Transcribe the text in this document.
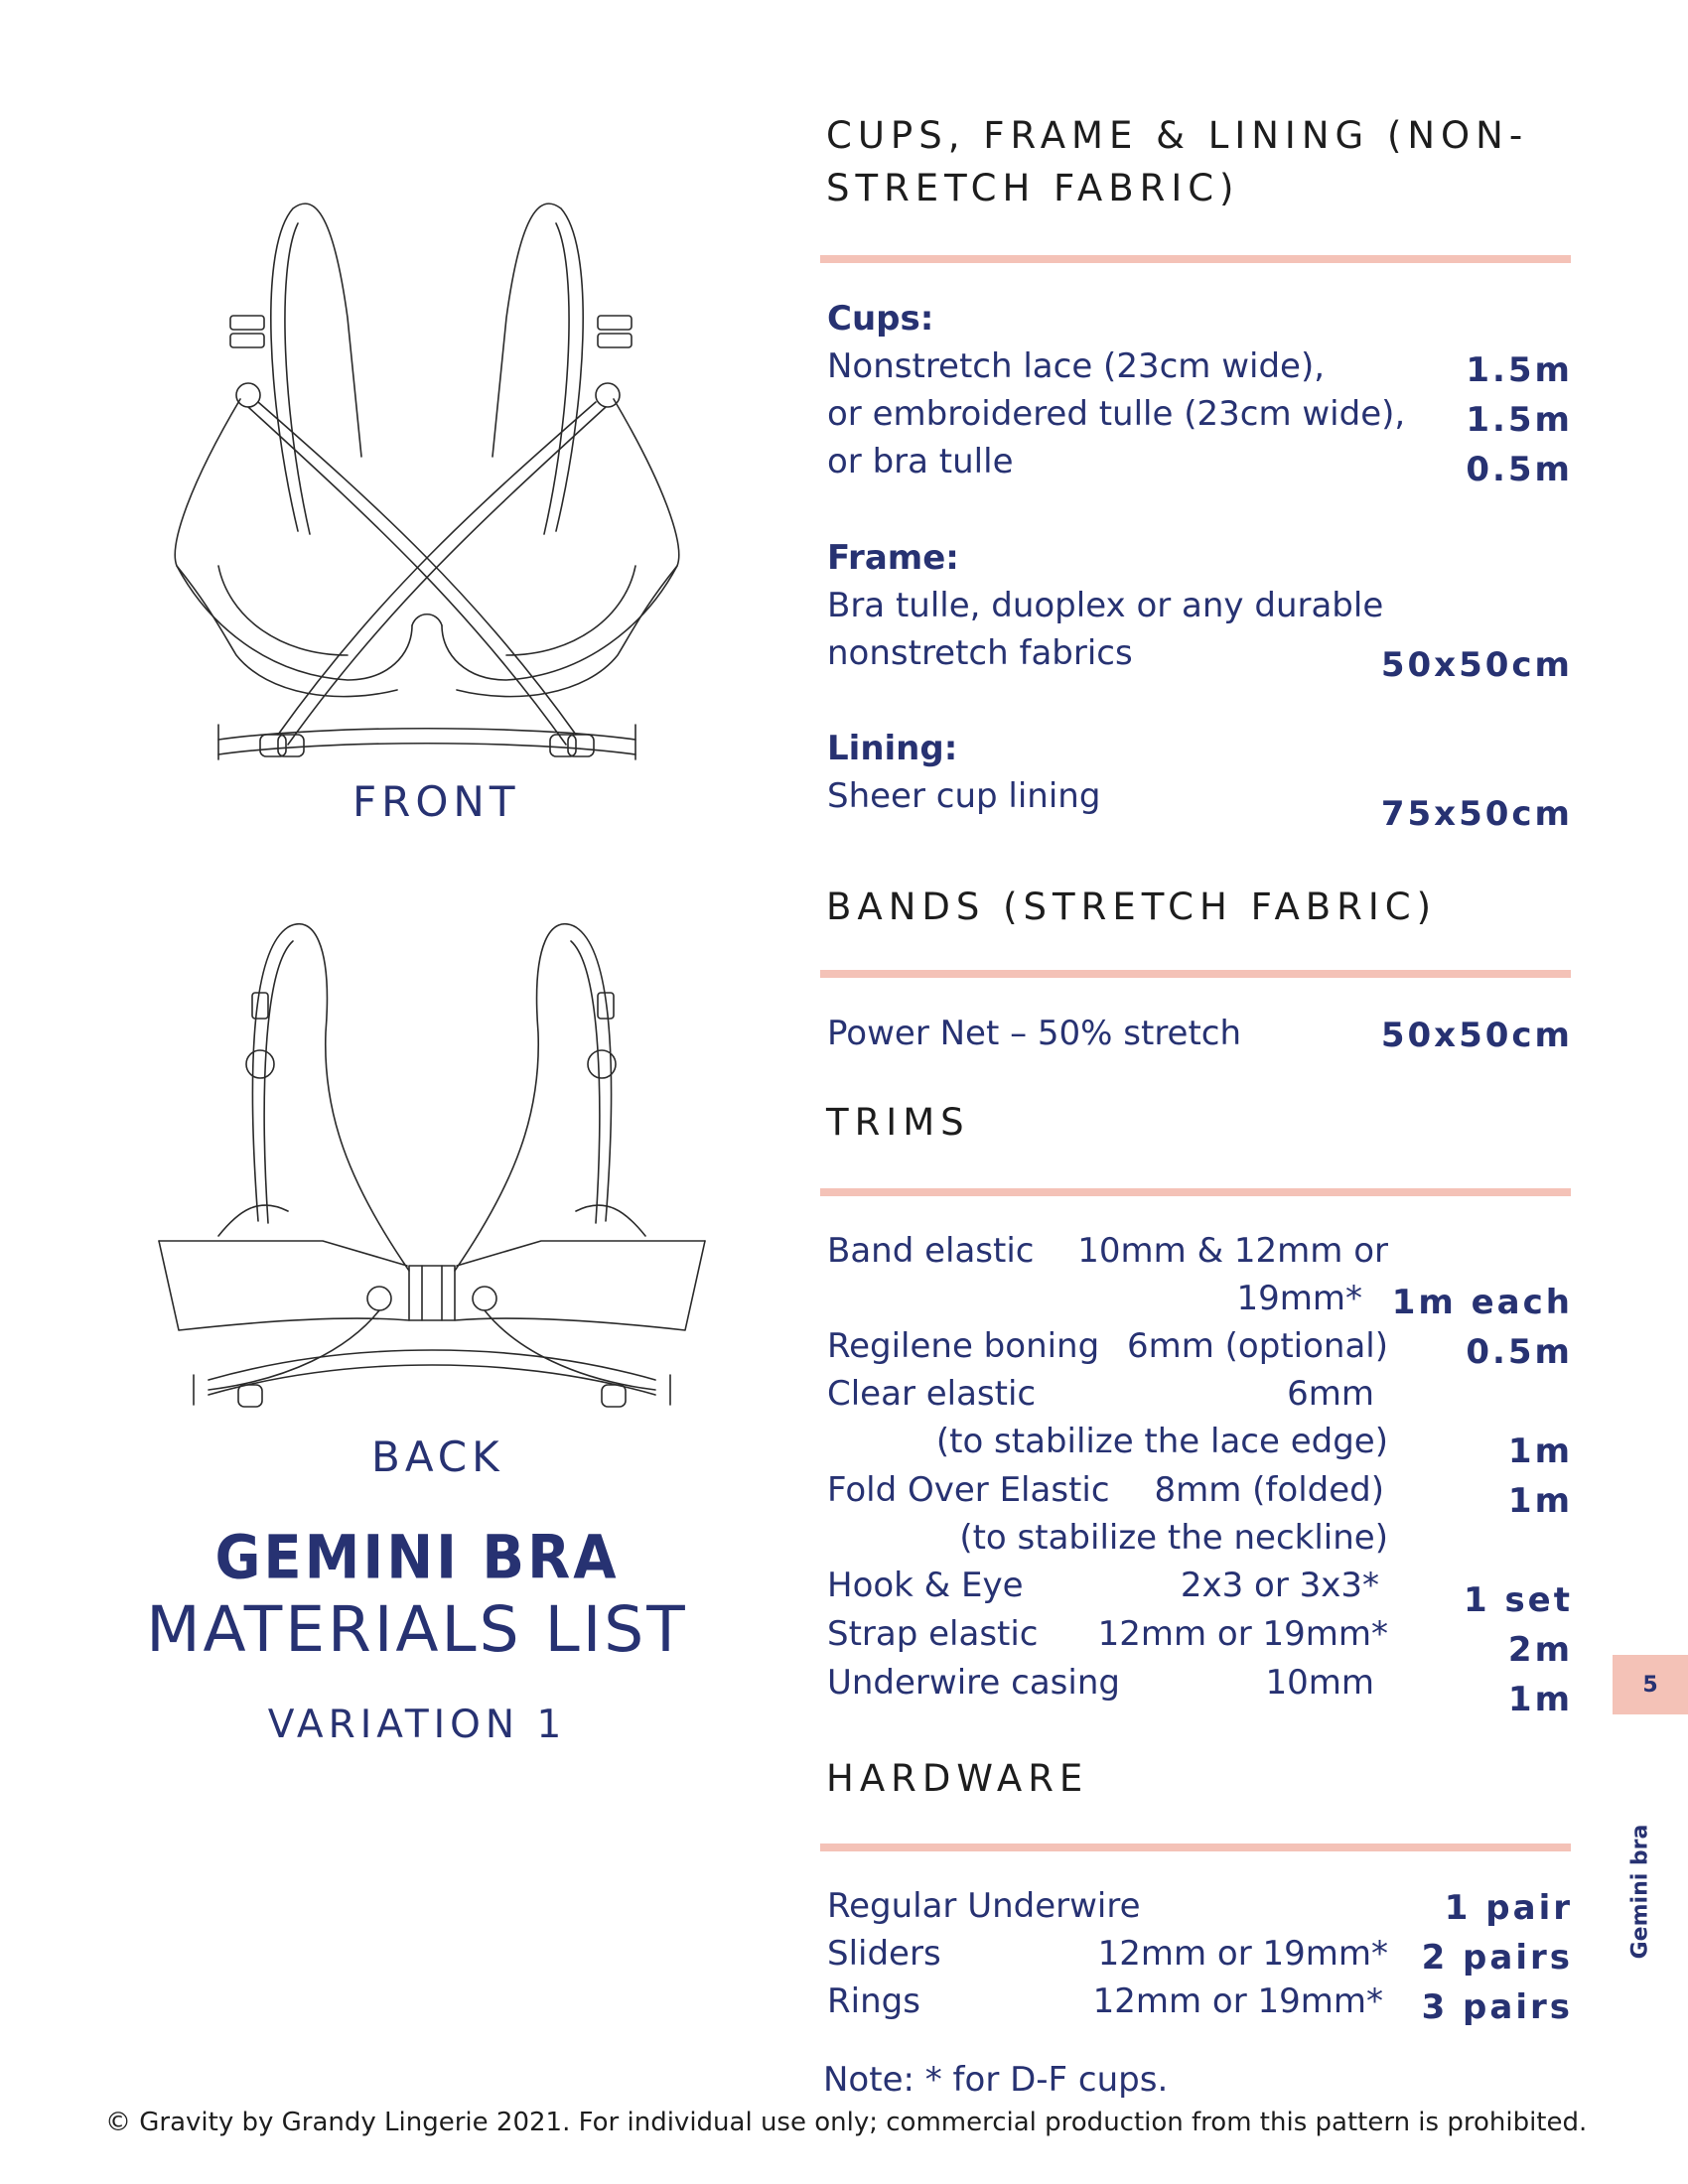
FRONT
BACK
GEMINI BRA
MATERIALS LIST
VARIATION 1
CUPS, FRAME & LINING (NON-
STRETCH FABRIC)
Cups:
Nonstretch lace (23cm wide),	1.5m
or embroidered tulle (23cm wide), 1.5m
or bra tulle	0.5m
Frame:
Bra tulle, duoplex or any durable
nonstretch fabrics	50x50cm
Lining:
Sheer cup lining	75x50cm
BANDS (STRETCH FABRIC)
Power Net – 50% stretch	50x50cm
TRIMS
Band elastic 10mm & 12mm or
19mm* 1m each
Regilene boning 6mm (optional) 0.5m
Clear elastic	6mm
(to stabilize the lace edge)	1m
Fold Over Elastic 8mm (folded)	1m
(to stabilize the neckline)
Hook & Eye	2x3 or 3x3* 1 set
Strap elastic 12mm or 19mm*	2m
Underwire casing	10mm	1m
HARDWARE
Regular Underwire	1 pair
Sliders	12mm or 19mm* 2 pairs
Rings	12mm or 19mm* 3 pairs
Note: * for D-F cups.
© Gravity by Grandy Lingerie 2021. For individual use only; commercial production from this pattern is prohibited.
5
Gemini bra
